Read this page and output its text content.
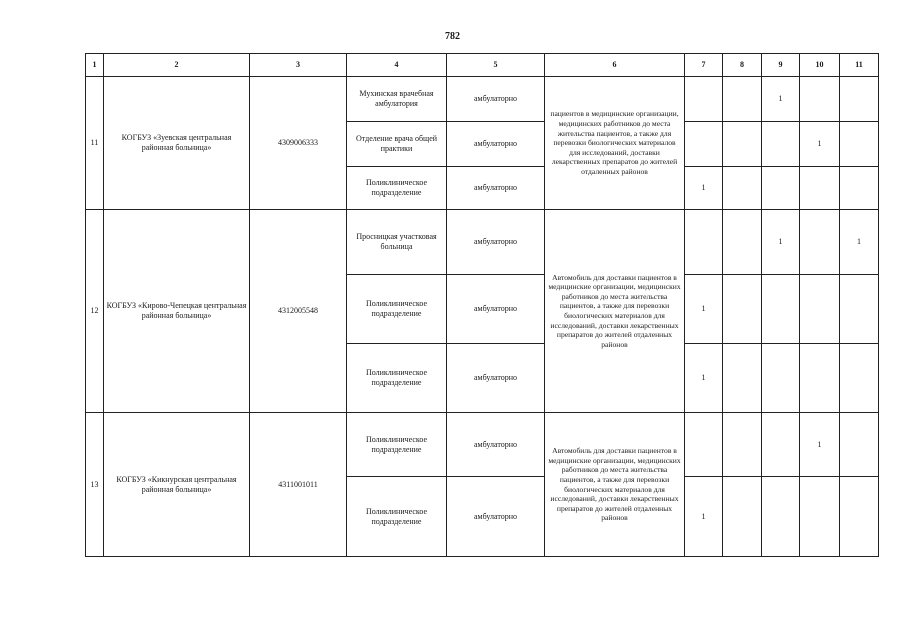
782
1	2	3	4	5	6	7	8	9	10	11
11	КОГБУЗ «Зуевская центральная районная больница»	4309006333	Мухинская врачебная амбулатория	амбулаторно	пациентов в медицинские организации, медицинских работников до места жительства пациентов, а также для перевозки биологических материалов для исследований, доставки лекарственных препаратов до жителей отдаленных районов			1		
			Отделение врача общей практики	амбулаторно					1	
			Поликлиническое подразделение	амбулаторно		1				
12	КОГБУЗ «Кирово-Чепецкая центральная районная больница»	4312005548	Просницкая участковая больница	амбулаторно	Автомобиль для доставки пациентов в медицинские организации, медицинских работников до места жительства пациентов, а также для перевозки биологических материалов для исследований, доставки лекарственных препаратов до жителей отдаленных районов			1		1
			Поликлиническое подразделение	амбулаторно		1				
			Поликлиническое подразделение	амбулаторно		1				
13	КОГБУЗ «Кикнурская центральная районная больница»	4311001011	Поликлиническое подразделение	амбулаторно	Автомобиль для доставки пациентов в медицинские организации, медицинских работников до места жительства пациентов, а также для перевозки биологических материалов для исследований, доставки лекарственных препаратов до жителей отдаленных районов				1	
			Поликлиническое подразделение	амбулаторно		1				
